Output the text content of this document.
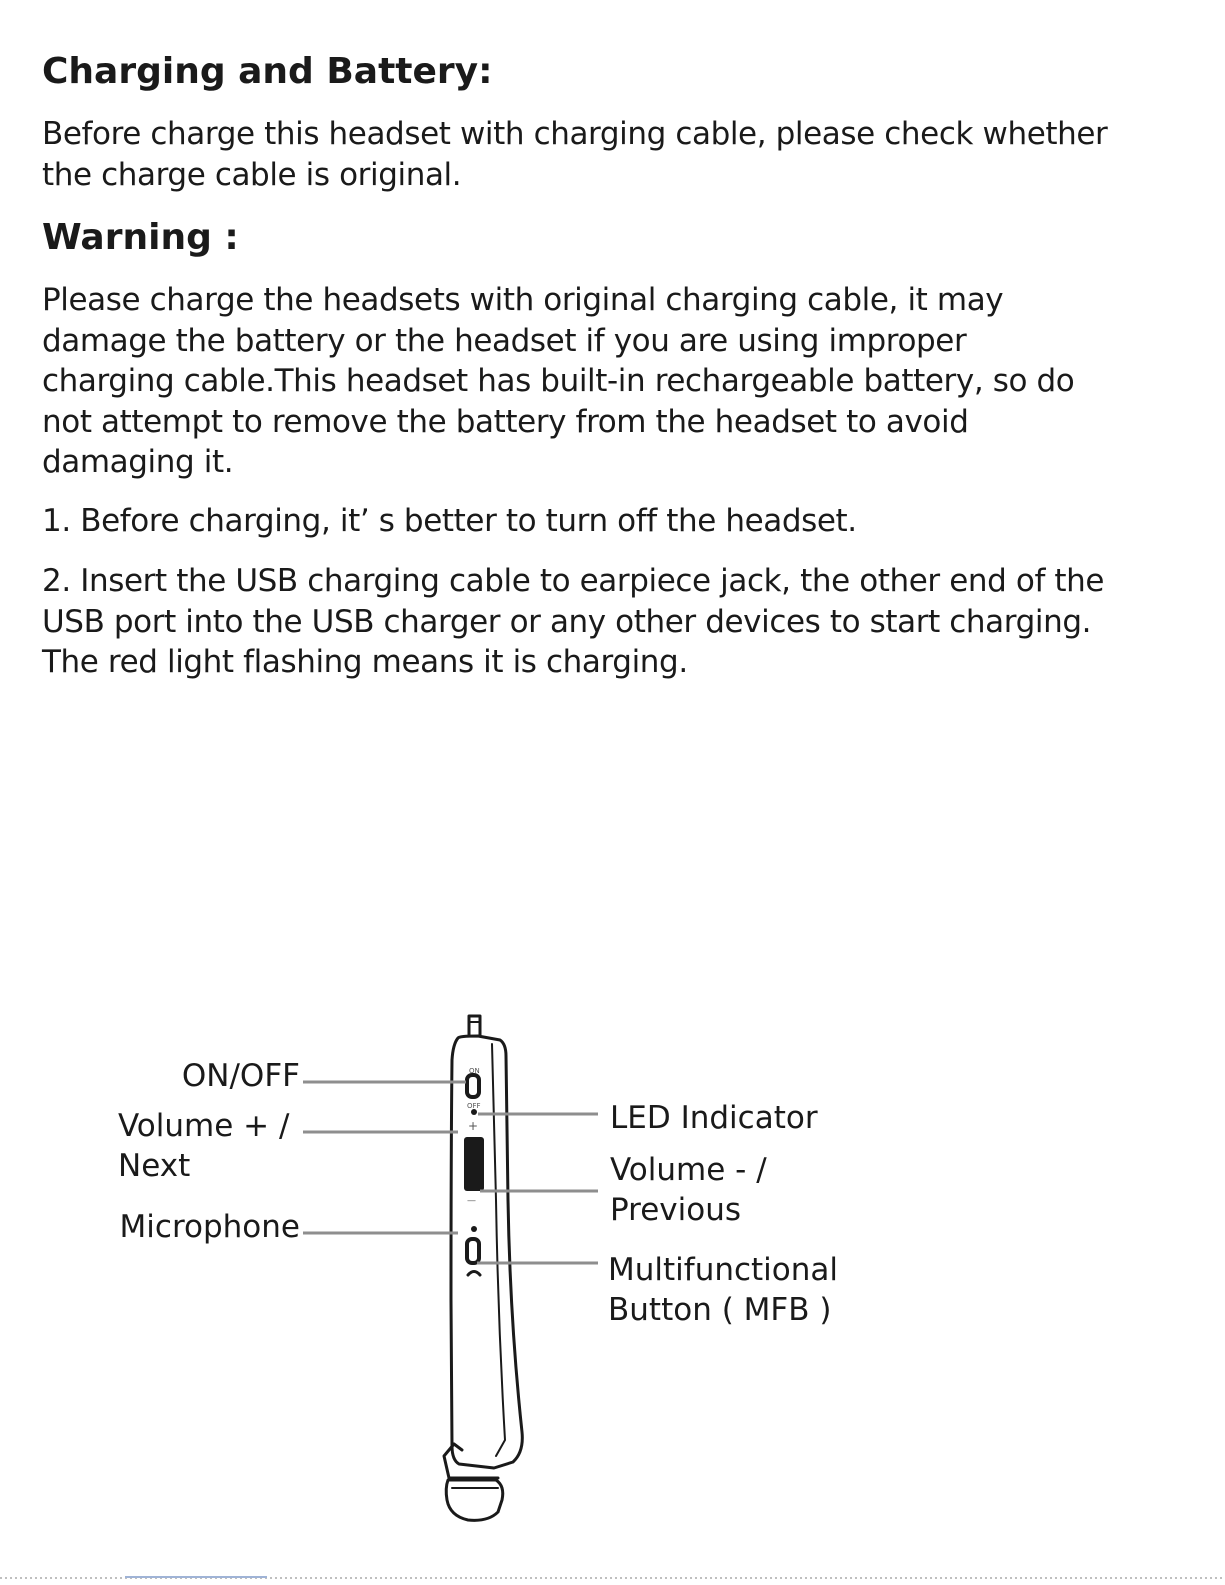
Charging and Battery:

Before charge this headset with charging cable, please check whether
the charge cable is original.

Warning :

Please charge the headsets with original charging cable, it may
damage the battery or the headset if you are using improper
charging cable.This headset has built-in rechargeable battery, so do
not attempt to remove the battery from the headset to avoid
damaging it.

1. Before charging, it’ s better to turn off the headset.

2. Insert the USB charging cable to earpiece jack, the other end of the
USB port into the USB charger or any other devices to start charging.
The red light flashing means it is charging.

ON
OFF
+
—

ON/OFF

Volume + /
Next

Microphone

LED Indicator

Volume - /
Previous

Multifunctional
Button ( MFB )
